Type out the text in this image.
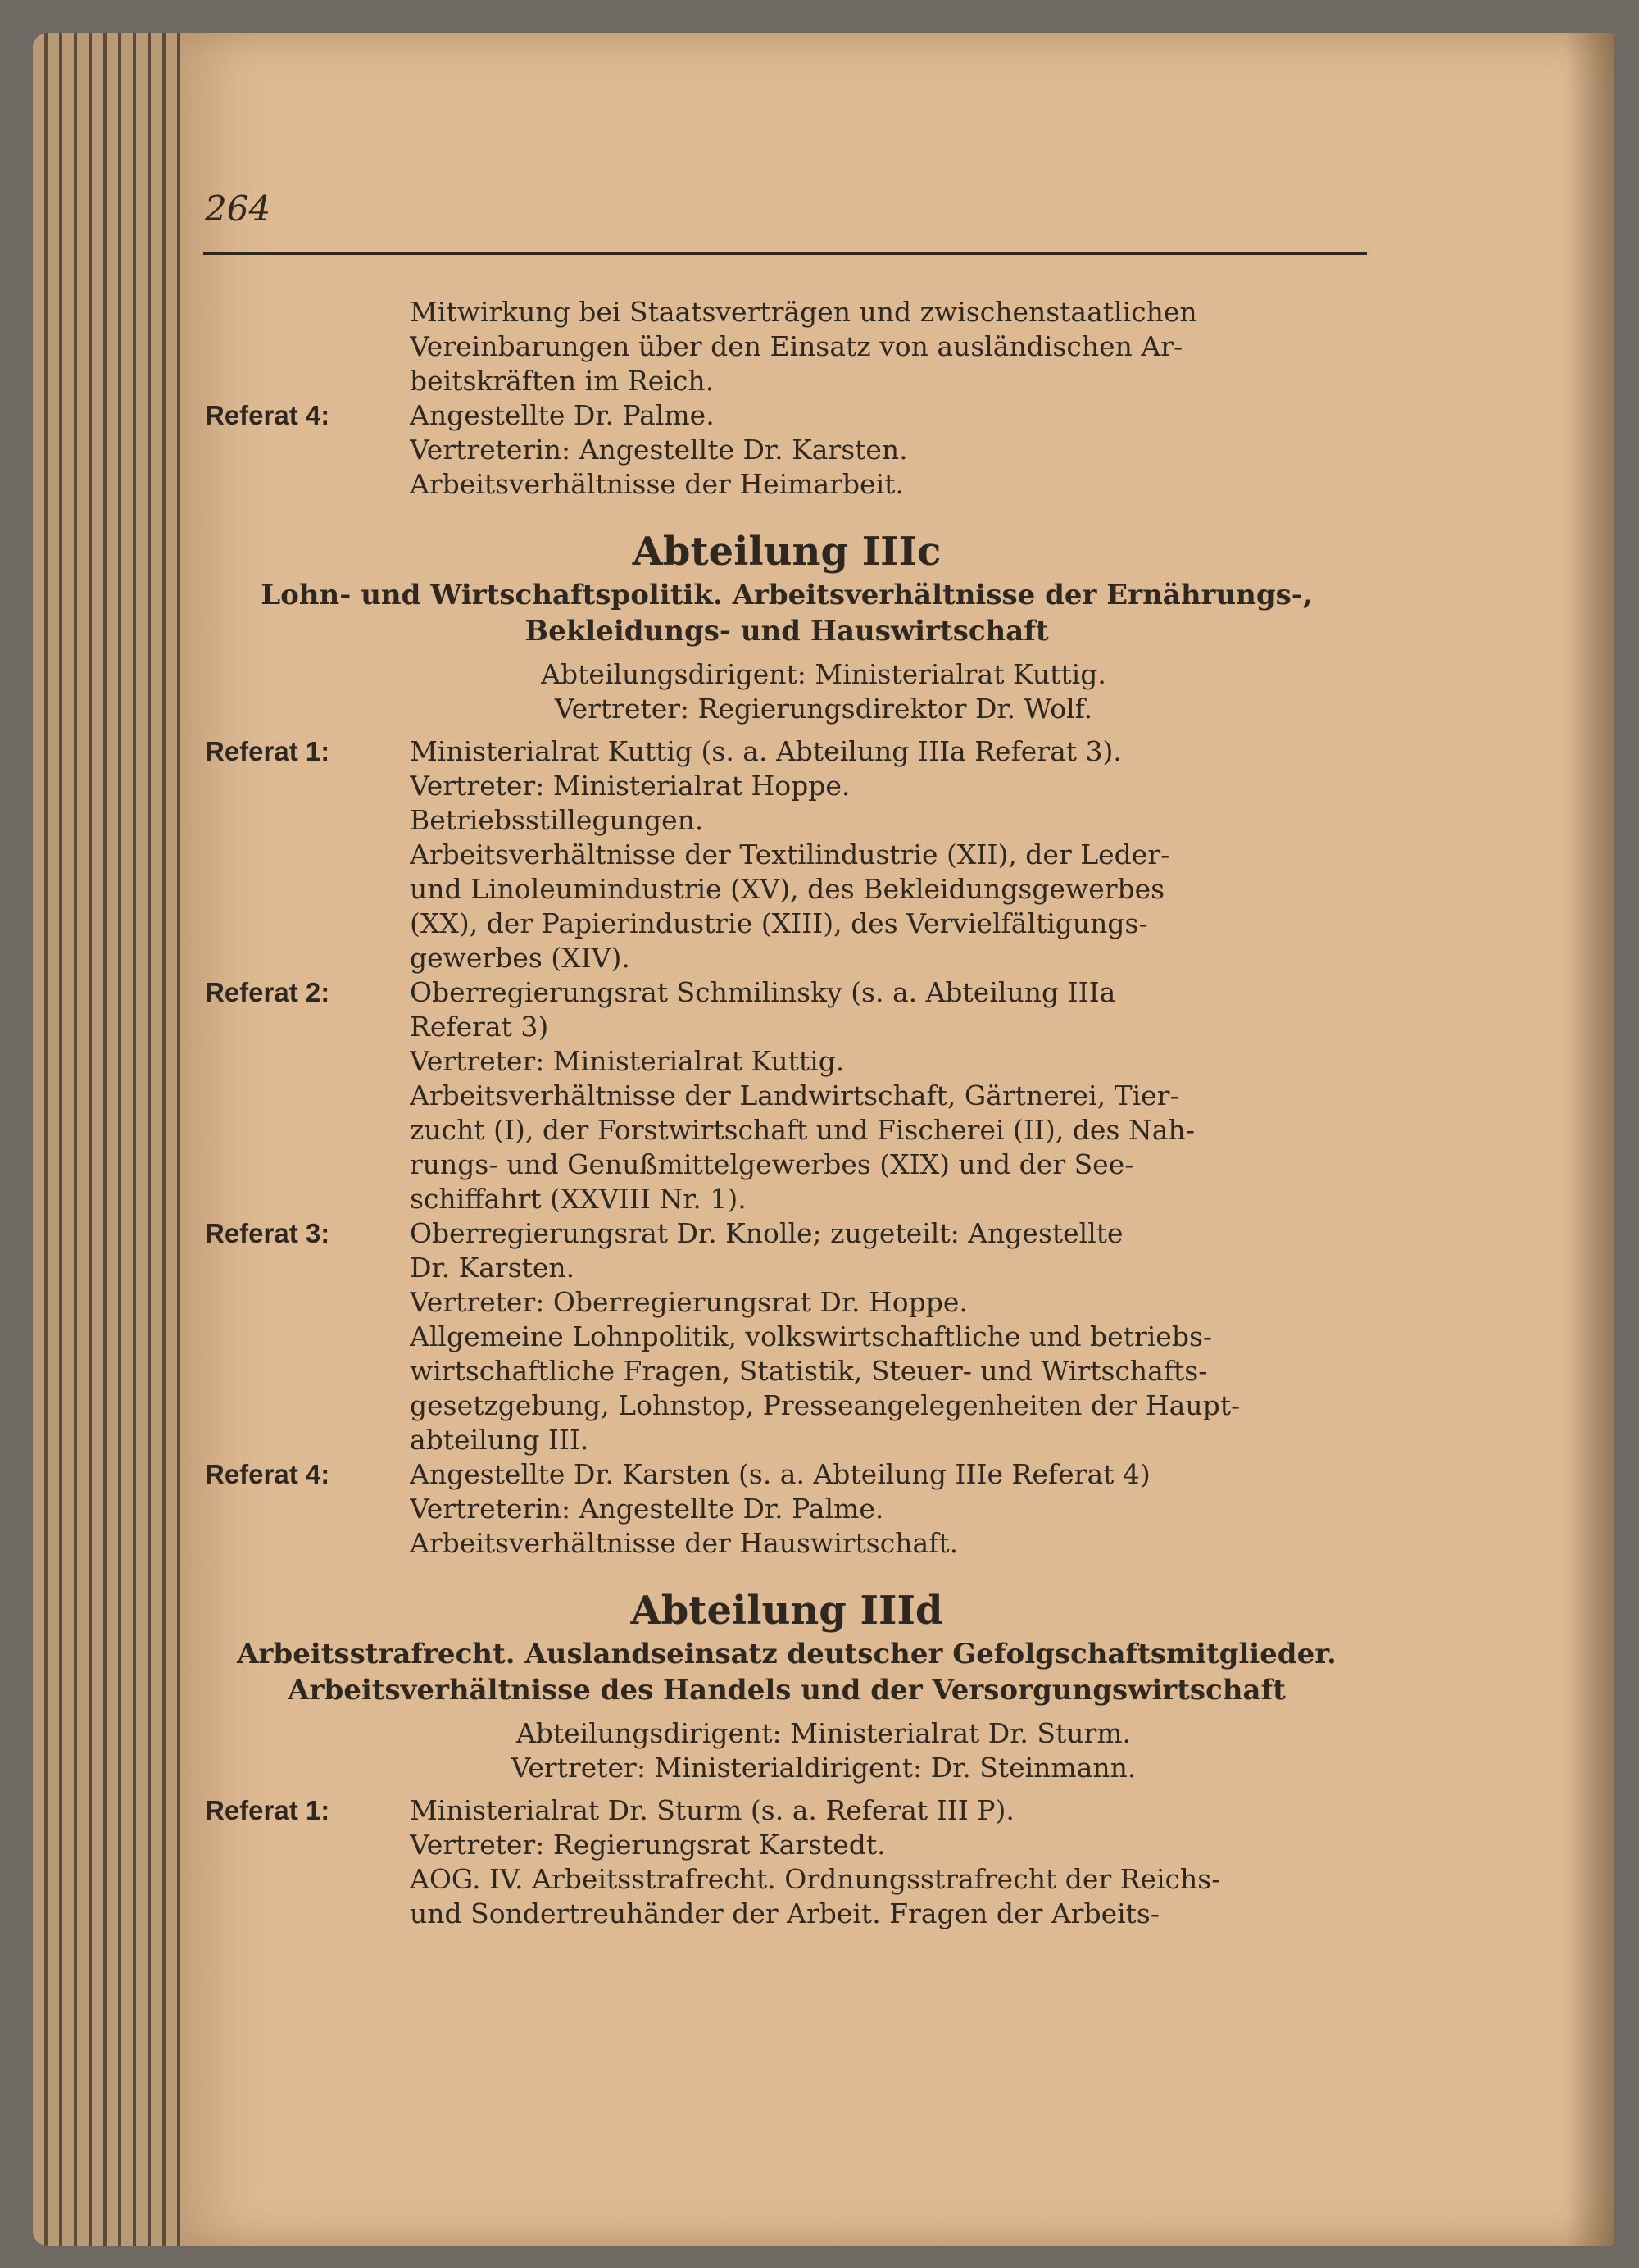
264
Mitwirkung bei Staatsverträgen und zwischenstaatlichen
Vereinbarungen über den Einsatz von ausländischen Ar-
beitskräften im Reich.
Referat 4:	Angestellte Dr. Palme.
Vertreterin: Angestellte Dr. Karsten.
Arbeitsverhältnisse der Heimarbeit.
Abteilung IIIc
Lohn- und Wirtschaftspolitik. Arbeitsverhältnisse der Ernährungs-,
Bekleidungs- und Hauswirtschaft
Abteilungsdirigent: Ministerialrat Kuttig.
Vertreter: Regierungsdirektor Dr. Wolf.
Referat 1:	Ministerialrat Kuttig (s. a. Abteilung IIIa Referat 3).
Vertreter: Ministerialrat Hoppe.
Betriebsstillegungen.
Arbeitsverhältnisse der Textilindustrie (XII), der Leder-
und Linoleumindustrie (XV), des Bekleidungsgewerbes
(XX), der Papierindustrie (XIII), des Vervielfältigungs-
gewerbes (XIV).
Referat 2:	Oberregierungsrat Schmilinsky (s. a. Abteilung IIIa
Referat 3)
Vertreter: Ministerialrat Kuttig.
Arbeitsverhältnisse der Landwirtschaft, Gärtnerei, Tier-
zucht (I), der Forstwirtschaft und Fischerei (II), des Nah-
rungs- und Genußmittelgewerbes (XIX) und der See-
schiffahrt (XXVIII Nr. 1).
Referat 3:	Oberregierungsrat Dr. Knolle; zugeteilt: Angestellte
Dr. Karsten.
Vertreter: Oberregierungsrat Dr. Hoppe.
Allgemeine Lohnpolitik, volkswirtschaftliche und betriebs-
wirtschaftliche Fragen, Statistik, Steuer- und Wirtschafts-
gesetzgebung, Lohnstop, Presseangelegenheiten der Haupt-
abteilung III.
Referat 4:	Angestellte Dr. Karsten (s. a. Abteilung IIIe Referat 4)
Vertreterin: Angestellte Dr. Palme.
Arbeitsverhältnisse der Hauswirtschaft.
Abteilung IIId
Arbeitsstrafrecht. Auslandseinsatz deutscher Gefolgschaftsmitglieder.
Arbeitsverhältnisse des Handels und der Versorgungswirtschaft
Abteilungsdirigent: Ministerialrat Dr. Sturm.
Vertreter: Ministerialdirigent: Dr. Steinmann.
Referat 1:	Ministerialrat Dr. Sturm (s. a. Referat III P).
Vertreter: Regierungsrat Karstedt.
AOG. IV. Arbeitsstrafrecht. Ordnungsstrafrecht der Reichs-
und Sondertreuhänder der Arbeit. Fragen der Arbeits-
